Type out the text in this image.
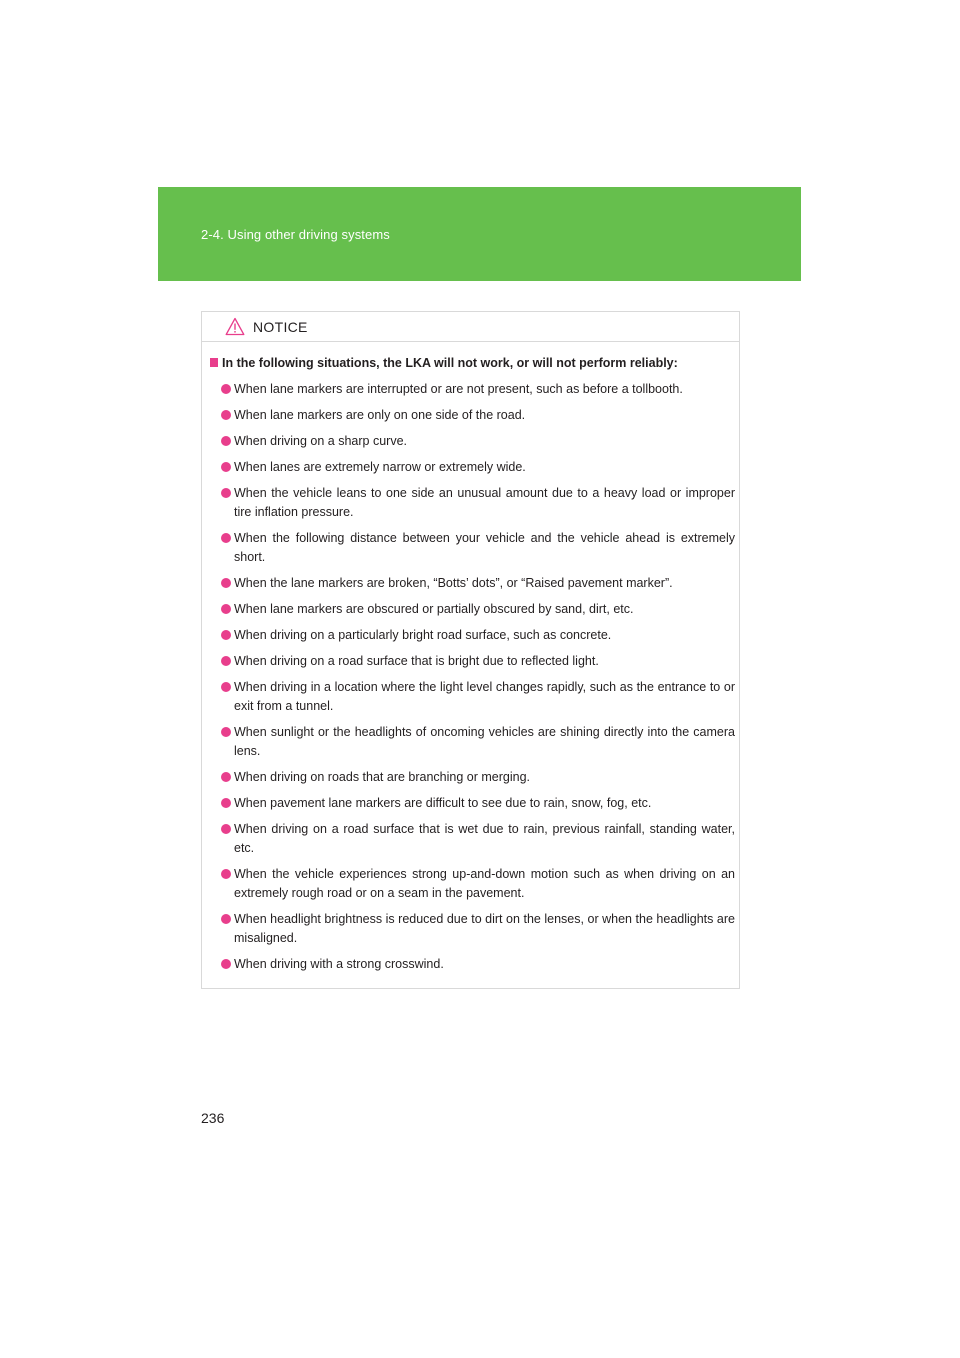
2-4. Using other driving systems
NOTICE
In the following situations, the LKA will not work, or will not perform reliably:
When lane markers are interrupted or are not present, such as before a tollbooth.
When lane markers are only on one side of the road.
When driving on a sharp curve.
When lanes are extremely narrow or extremely wide.
When the vehicle leans to one side an unusual amount due to a heavy load or improper tire inflation pressure.
When the following distance between your vehicle and the vehicle ahead is extremely short.
When the lane markers are broken, “Botts’ dots”, or “Raised pavement marker”.
When lane markers are obscured or partially obscured by sand, dirt, etc.
When driving on a particularly bright road surface, such as concrete.
When driving on a road surface that is bright due to reflected light.
When driving in a location where the light level changes rapidly, such as the entrance to or exit from a tunnel.
When sunlight or the headlights of oncoming vehicles are shining directly into the camera lens.
When driving on roads that are branching or merging.
When pavement lane markers are difficult to see due to rain, snow, fog, etc.
When driving on a road surface that is wet due to rain, previous rainfall, standing water, etc.
When the vehicle experiences strong up-and-down motion such as when driving on an extremely rough road or on a seam in the pavement.
When headlight brightness is reduced due to dirt on the lenses, or when the headlights are misaligned.
When driving with a strong crosswind.
236
